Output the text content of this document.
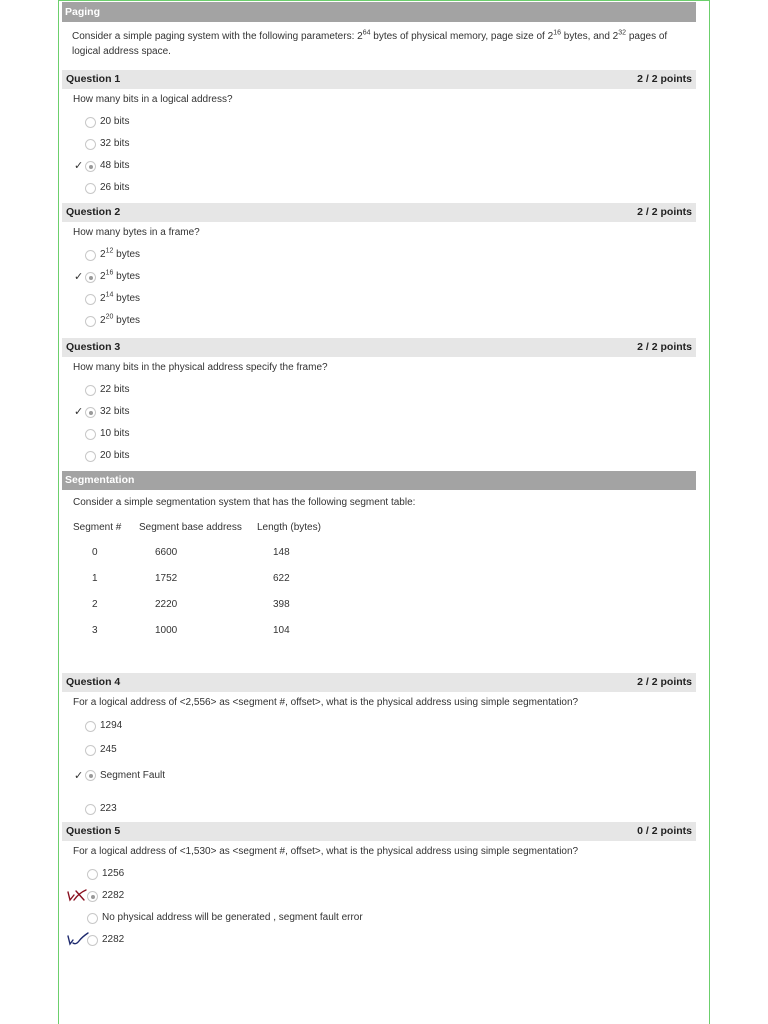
Paging
Consider a simple paging system with the following parameters: $2^{64}$ bytes of physical memory, page size of $2^{16}$ bytes, and $2^{32}$ pages of logical address space.
Question 1	2 / 2 points
How many bits in a logical address?
20 bits
32 bits
✓ 48 bits
26 bits
Question 2	2 / 2 points
How many bytes in a frame?
$2^{12}$ bytes
✓ $2^{16}$ bytes
$2^{14}$ bytes
$2^{20}$ bytes
Question 3	2 / 2 points
How many bits in the physical address specify the frame?
22 bits
✓ 32 bits
10 bits
20 bits
Segmentation
Consider a simple segmentation system that has the following segment table:
Segment #	Segment base address	Length (bytes)
0	6600	148
1	1752	622
2	2220	398
3	1000	104
Question 4	2 / 2 points
For a logical address of <2,556> as <segment #, offset>, what is the physical address using simple segmentation?
1294
245
✓ Segment Fault
223
Question 5	0 / 2 points
For a logical address of <1,530> as <segment #, offset>, what is the physical address using simple segmentation?
1256
2282
No physical address will be generated , segment fault error
2282
